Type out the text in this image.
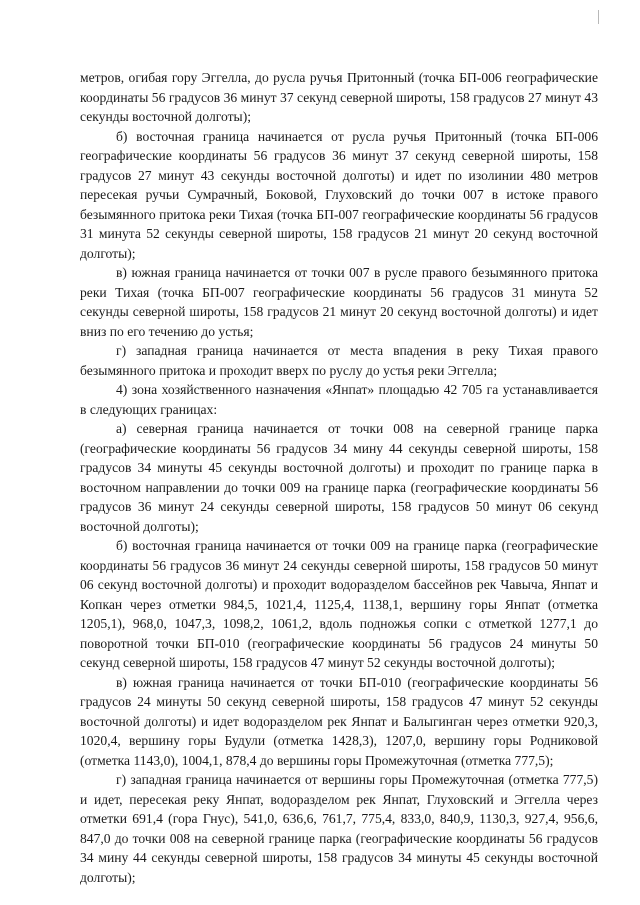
метров, огибая гору Эггелла, до русла ручья Притонный (точка БП-006 географические координаты 56 градусов 36 минут 37 секунд северной широты, 158 градусов 27 минут 43 секунды восточной долготы);

б) восточная граница начинается от русла ручья Притонный (точка БП-006 географические координаты 56 градусов 36 минут 37 секунд северной широты, 158 градусов 27 минут 43 секунды восточной долготы) и идет по изолинии 480 метров пересекая ручьи Сумрачный, Боковой, Глуховский до точки 007 в истоке правого безымянного притока реки Тихая (точка БП-007 географические координаты 56 градусов 31 минута 52 секунды северной широты, 158 градусов 21 минут 20 секунд восточной долготы);

в) южная граница начинается от точки 007 в русле правого безымянного притока реки Тихая (точка БП-007 географические координаты 56 градусов 31 минута 52 секунды северной широты, 158 градусов 21 минут 20 секунд восточной долготы) и идет вниз по его течению до устья;

г) западная граница начинается от места впадения в реку Тихая правого безымянного притока и проходит вверх по руслу до устья реки Эггелла;

4) зона хозяйственного назначения «Янпат» площадью 42 705 га устанавливается в следующих границах:

а) северная граница начинается от точки 008 на северной границе парка (географические координаты 56 градусов 34 мину 44 секунды северной широты, 158 градусов 34 минуты 45 секунды восточной долготы) и проходит по границе парка в восточном направлении до точки 009 на границе парка (географические координаты 56 градусов 36 минут 24 секунды северной широты, 158 градусов 50 минут 06 секунд восточной долготы);

б) восточная граница начинается от точки 009 на границе парка (географические координаты 56 градусов 36 минут 24 секунды северной широты, 158 градусов 50 минут 06 секунд восточной долготы) и проходит водоразделом бассейнов рек Чавыча, Янпат и Копкан через отметки 984,5, 1021,4, 1125,4, 1138,1, вершину горы Янпат (отметка 1205,1), 968,0, 1047,3, 1098,2, 1061,2, вдоль подножья сопки с отметкой 1277,1 до поворотной точки БП-010 (географические координаты 56 градусов 24 минуты 50 секунд северной широты, 158 градусов 47 минут 52 секунды восточной долготы);

в) южная граница начинается от точки БП-010 (географические координаты 56 градусов 24 минуты 50 секунд северной широты, 158 градусов 47 минут 52 секунды восточной долготы) и идет водоразделом рек Янпат и Балыгинган через отметки 920,3, 1020,4, вершину горы Будули (отметка 1428,3), 1207,0, вершину горы Родниковой (отметка 1143,0), 1004,1, 878,4 до вершины горы Промежуточная (отметка 777,5);

г) западная граница начинается от вершины горы Промежуточная (отметка 777,5) и идет, пересекая реку Янпат, водоразделом рек Янпат, Глуховский и Эггелла через отметки 691,4 (гора Гнус), 541,0, 636,6, 761,7, 775,4, 833,0, 840,9, 1130,3, 927,4, 956,6, 847,0 до точки 008 на северной границе парка (географические координаты 56 градусов 34 мину 44 секунды северной широты, 158 градусов 34 минуты 45 секунды восточной долготы);
